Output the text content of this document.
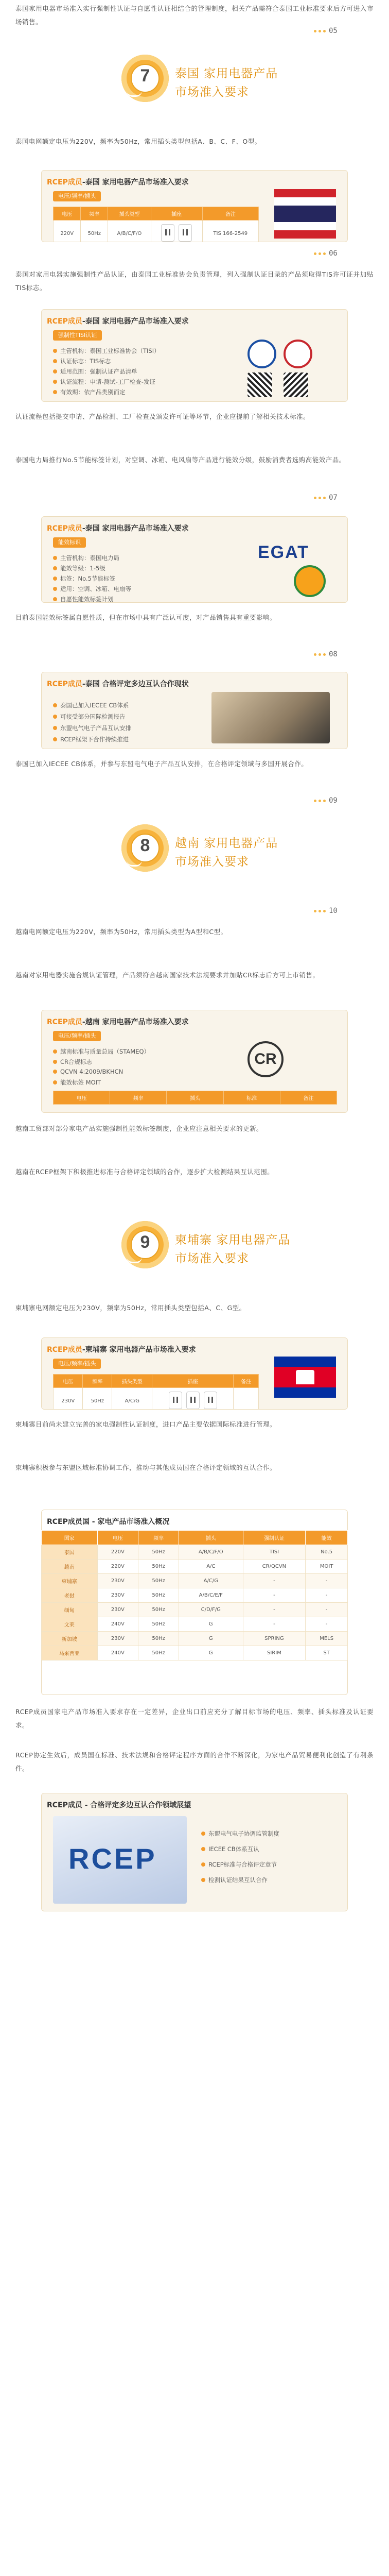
泰国家用电器市场准入实行强制性认证与自愿性认证相结合的管理制度，相关产品需符合泰国工业标准要求后方可进入市场销售。

05
7	泰国 家用电器产品
市场准入要求

泰国电网额定电压为220V，频率为50Hz，常用插头类型包括A、B、C、F、O型。

RCEP成员-泰国 家用电器产品市场准入要求
电压/频率/插头
电压	频率	插头类型	插座	备注
220V	50Hz	A/B/C/F/O		TIS 166-2549
06

泰国对家用电器实施强制性产品认证，由泰国工业标准协会负责管理，列入强制认证目录的产品须取得TIS许可证并加贴TIS标志。

RCEP成员-泰国 家用电器产品市场准入要求
强制性TISI认证
主管机构：泰国工业标准协会（TISI）
认证标志：TIS标志
适用范围：强制认证产品清单
认证流程：申请-测试-工厂检查-发证
有效期：依产品类别而定

认证流程包括提交申请、产品检测、工厂检查及颁发许可证等环节，企业应提前了解相关技术标准。

泰国电力局推行No.5节能标签计划，对空调、冰箱、电风扇等产品进行能效分级，鼓励消费者选购高能效产品。

07
RCEP成员-泰国 家用电器产品市场准入要求
能效标识
主管机构：泰国电力局
能效等级：1-5级
标签：No.5节能标签
适用：空调、冰箱、电扇等
自愿性能效标签计划
EGAT

目前泰国能效标签属自愿性质，但在市场中具有广泛认可度，对产品销售具有重要影响。

08
RCEP成员-泰国 合格评定多边互认合作现状
泰国已加入IECEE CB体系
可接受部分国际检测报告
东盟电气电子产品互认安排
RCEP框架下合作持续推进

泰国已加入IECEE CB体系，并参与东盟电气电子产品互认安排，在合格评定领域与多国开展合作。

09
8	越南 家用电器产品
市场准入要求
10

越南电网额定电压为220V，频率为50Hz，常用插头类型为A型和C型。

越南对家用电器实施合规认证管理，产品须符合越南国家技术法规要求并加贴CR标志后方可上市销售。

RCEP成员-越南 家用电器产品市场准入要求
电压/频率/插头
越南标准与质量总局（STAMEQ）
CR合规标志
QCVN 4:2009/BKHCN
能效标签 MOIT
CR
电压	频率	插头	标准	备注

越南工贸部对部分家电产品实施强制性能效标签制度，企业应注意相关要求的更新。

越南在RCEP框架下积极推进标准与合格评定领域的合作，逐步扩大检测结果互认范围。

9	柬埔寨 家用电器产品
市场准入要求

柬埔寨电网额定电压为230V，频率为50Hz，常用插头类型包括A、C、G型。

RCEP成员-柬埔寨 家用电器产品市场准入要求
电压/频率/插头
电压	频率	插头类型	插座	备注
230V	50Hz	A/C/G	

柬埔寨目前尚未建立完善的家电强制性认证制度，进口产品主要依据国际标准进行管理。

柬埔寨积极参与东盟区域标准协调工作，推动与其他成员国在合格评定领域的互认合作。

RCEP成员国 - 家电产品市场准入概况
国家	电压	频率	插头	强制认证	能效
泰国	220V	50Hz	A/B/C/F/O	TISI	No.5
越南	220V	50Hz	A/C	CR/QCVN	MOIT
柬埔寨	230V	50Hz	A/C/G	-	-
老挝	230V	50Hz	A/B/C/E/F	-	-
缅甸	230V	50Hz	C/D/F/G	-	-
文莱	240V	50Hz	G	-	-
新加坡	230V	50Hz	G	SPRING	MELS
马来西亚	240V	50Hz	G	SIRIM	ST

RCEP成员国家电产品市场准入要求存在一定差异，企业出口前应充分了解目标市场的电压、频率、插头标准及认证要求。

RCEP协定生效后，成员国在标准、技术法规和合格评定程序方面的合作不断深化，为家电产品贸易便利化创造了有利条件。

RCEP成员 - 合格评定多边互认合作领域展望
RCEP
东盟电气电子协调监管制度
IECEE CB体系互认
RCEP标准与合格评定章节
检测认证结果互认合作
